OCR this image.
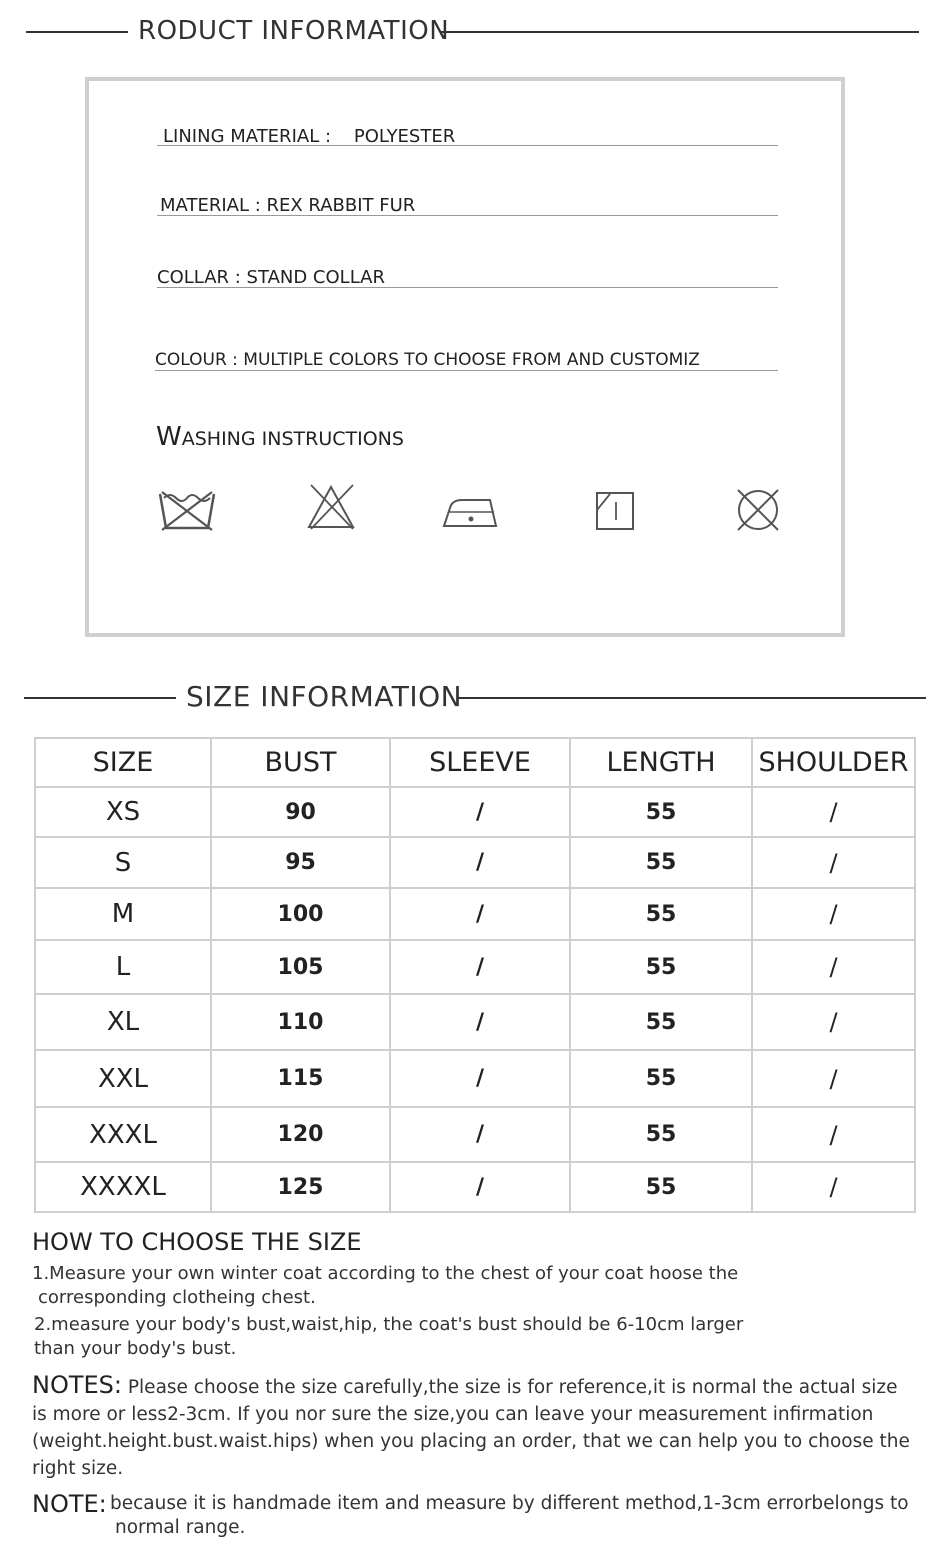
RODUCT INFORMATION
LINING MATERIAL : POLYESTER
MATERIAL : REX RABBIT FUR
COLLAR : STAND COLLAR
COLOUR : MULTIPLE COLORS TO CHOOSE FROM AND CUSTOMIZ
WASHING INSTRUCTIONS
SIZE INFORMATION
SIZE	BUST	SLEEVE	LENGTH	SHOULDER
XS	90	/	55	/
S	95	/	55	/
M	100	/	55	/
L	105	/	55	/
XL	110	/	55	/
XXL	115	/	55	/
XXXL	120	/	55	/
XXXXL	125	/	55	/
HOW TO CHOOSE THE SIZE
1.Measure your own winter coat according to the chest of your coat hoose the
corresponding clotheing chest.
2.measure your body's bust,waist,hip, the coat's bust should be 6-10cm larger
than your body's bust.
NOTES: Please choose the size carefully,the size is for reference,it is normal the actual size is more or less2-3cm. If you nor sure the size,you can leave your measurement infirmation (weight.height.bust.waist.hips) when you placing an order, that we can help you to choose the right size.
NOTE: because it is handmade item and measure by different method,1-3cm errorbelongs to
normal range.
